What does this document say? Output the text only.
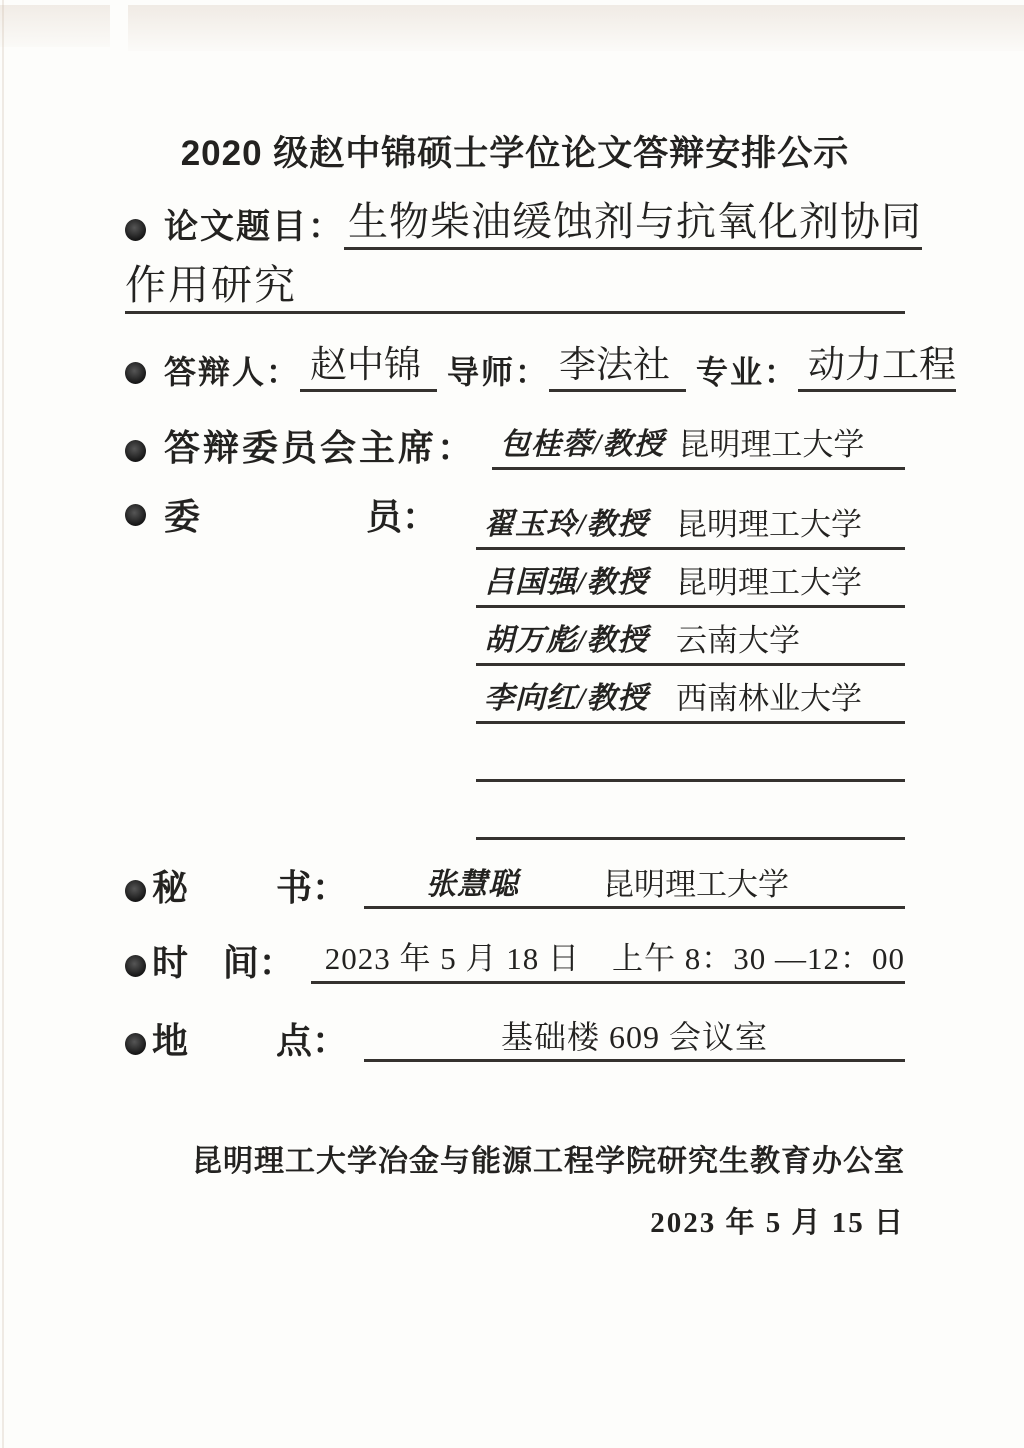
2020 级赵中锦硕士学位论文答辩安排公示
论文题目： 生物柴油缓蚀剂与抗氧化剂协同
作用研究
答辩人： 赵中锦 导师： 李法社 专业： 动力工程
答辩委员会主席： 包桂蓉/教授 昆明理工大学
委	员： 翟玉玲/教授 昆明理工大学
吕国强/教授 昆明理工大学
胡万彪/教授 云南大学
李向红/教授 西南林业大学
秘 书：	张慧聪	昆明理工大学
时 间： 2023 年 5 月 18 日　上午 8：30 —12：00
地 点：	基础楼 609 会议室
昆明理工大学冶金与能源工程学院研究生教育办公室
2023 年 5 月 15 日
